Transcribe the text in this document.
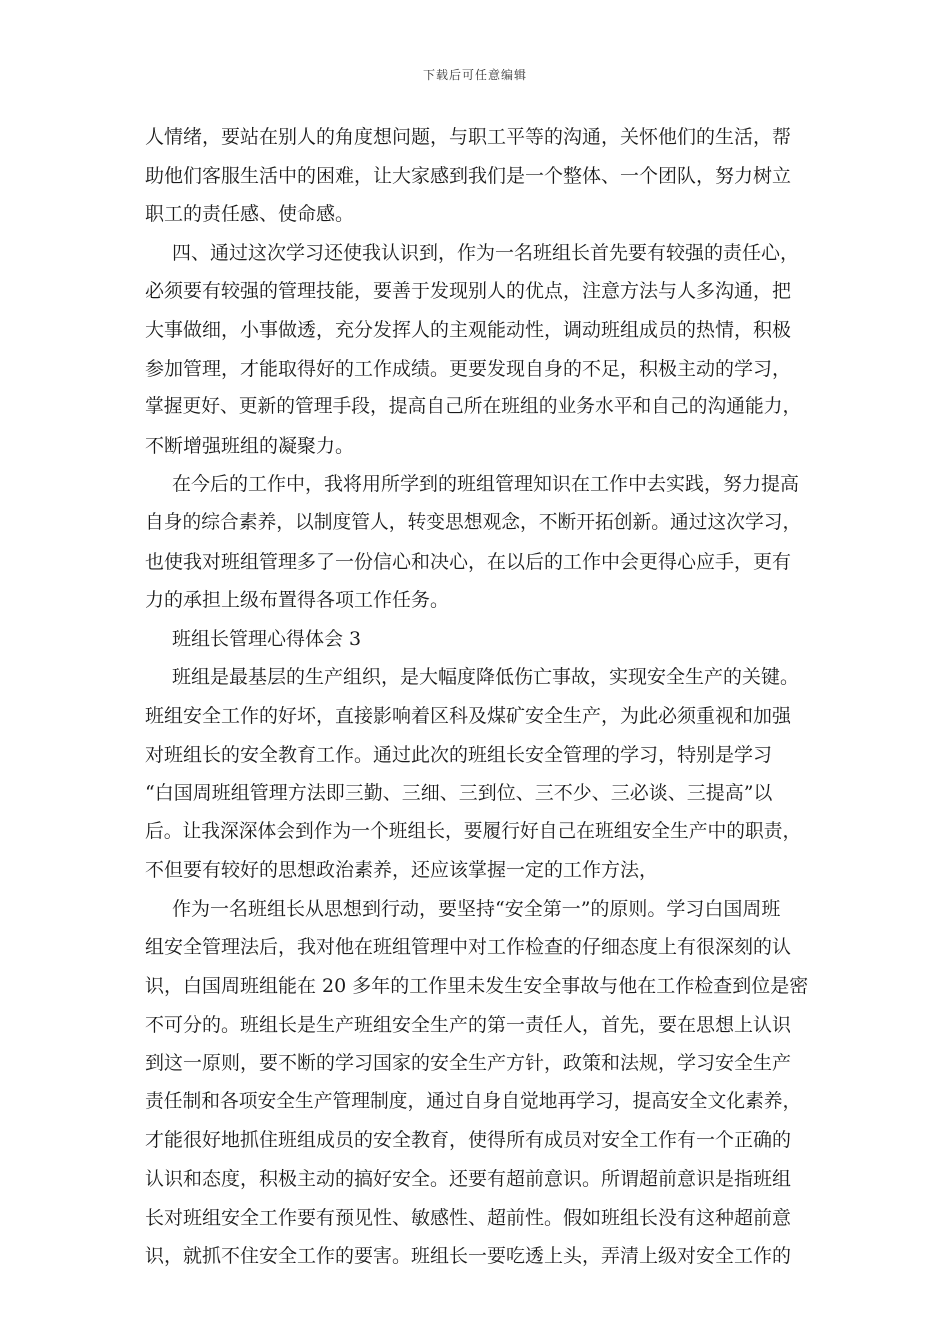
下载后可任意编辑
人情绪，要站在别人的角度想问题，与职工平等的沟通，关怀他们的生活，帮
助他们客服生活中的困难，让大家感到我们是一个整体、一个团队，努力树立
职工的责任感、使命感。
四、通过这次学习还使我认识到，作为一名班组长首先要有较强的责任心，
必须要有较强的管理技能，要善于发现别人的优点，注意方法与人多沟通，把
大事做细，小事做透，充分发挥人的主观能动性，调动班组成员的热情，积极
参加管理，才能取得好的工作成绩。更要发现自身的不足，积极主动的学习，
掌握更好、更新的管理手段，提高自己所在班组的业务水平和自己的沟通能力，
不断增强班组的凝聚力。
在今后的工作中，我将用所学到的班组管理知识在工作中去实践，努力提高
自身的综合素养，以制度管人，转变思想观念，不断开拓创新。通过这次学习，
也使我对班组管理多了一份信心和决心，在以后的工作中会更得心应手，更有
力的承担上级布置得各项工作任务。
班组长管理心得体会 3
班组是最基层的生产组织，是大幅度降低伤亡事故，实现安全生产的关键。
班组安全工作的好坏，直接影响着区科及煤矿安全生产，为此必须重视和加强
对班组长的安全教育工作。通过此次的班组长安全管理的学习，特别是学习
“白国周班组管理方法即三勤、三细、三到位、三不少、三必谈、三提高”以
后。让我深深体会到作为一个班组长，要履行好自己在班组安全生产中的职责，
不但要有较好的思想政治素养，还应该掌握一定的工作方法，
作为一名班组长从思想到行动，要坚持“安全第一”的原则。学习白国周班
组安全管理法后，我对他在班组管理中对工作检查的仔细态度上有很深刻的认
识，白国周班组能在 20 多年的工作里未发生安全事故与他在工作检查到位是密
不可分的。班组长是生产班组安全生产的第一责任人，首先，要在思想上认识
到这一原则，要不断的学习国家的安全生产方针，政策和法规，学习安全生产
责任制和各项安全生产管理制度，通过自身自觉地再学习，提高安全文化素养，
才能很好地抓住班组成员的安全教育，使得所有成员对安全工作有一个正确的
认识和态度，积极主动的搞好安全。还要有超前意识。所谓超前意识是指班组
长对班组安全工作要有预见性、敏感性、超前性。假如班组长没有这种超前意
识，就抓不住安全工作的要害。班组长一要吃透上头，弄清上级对安全工作的
